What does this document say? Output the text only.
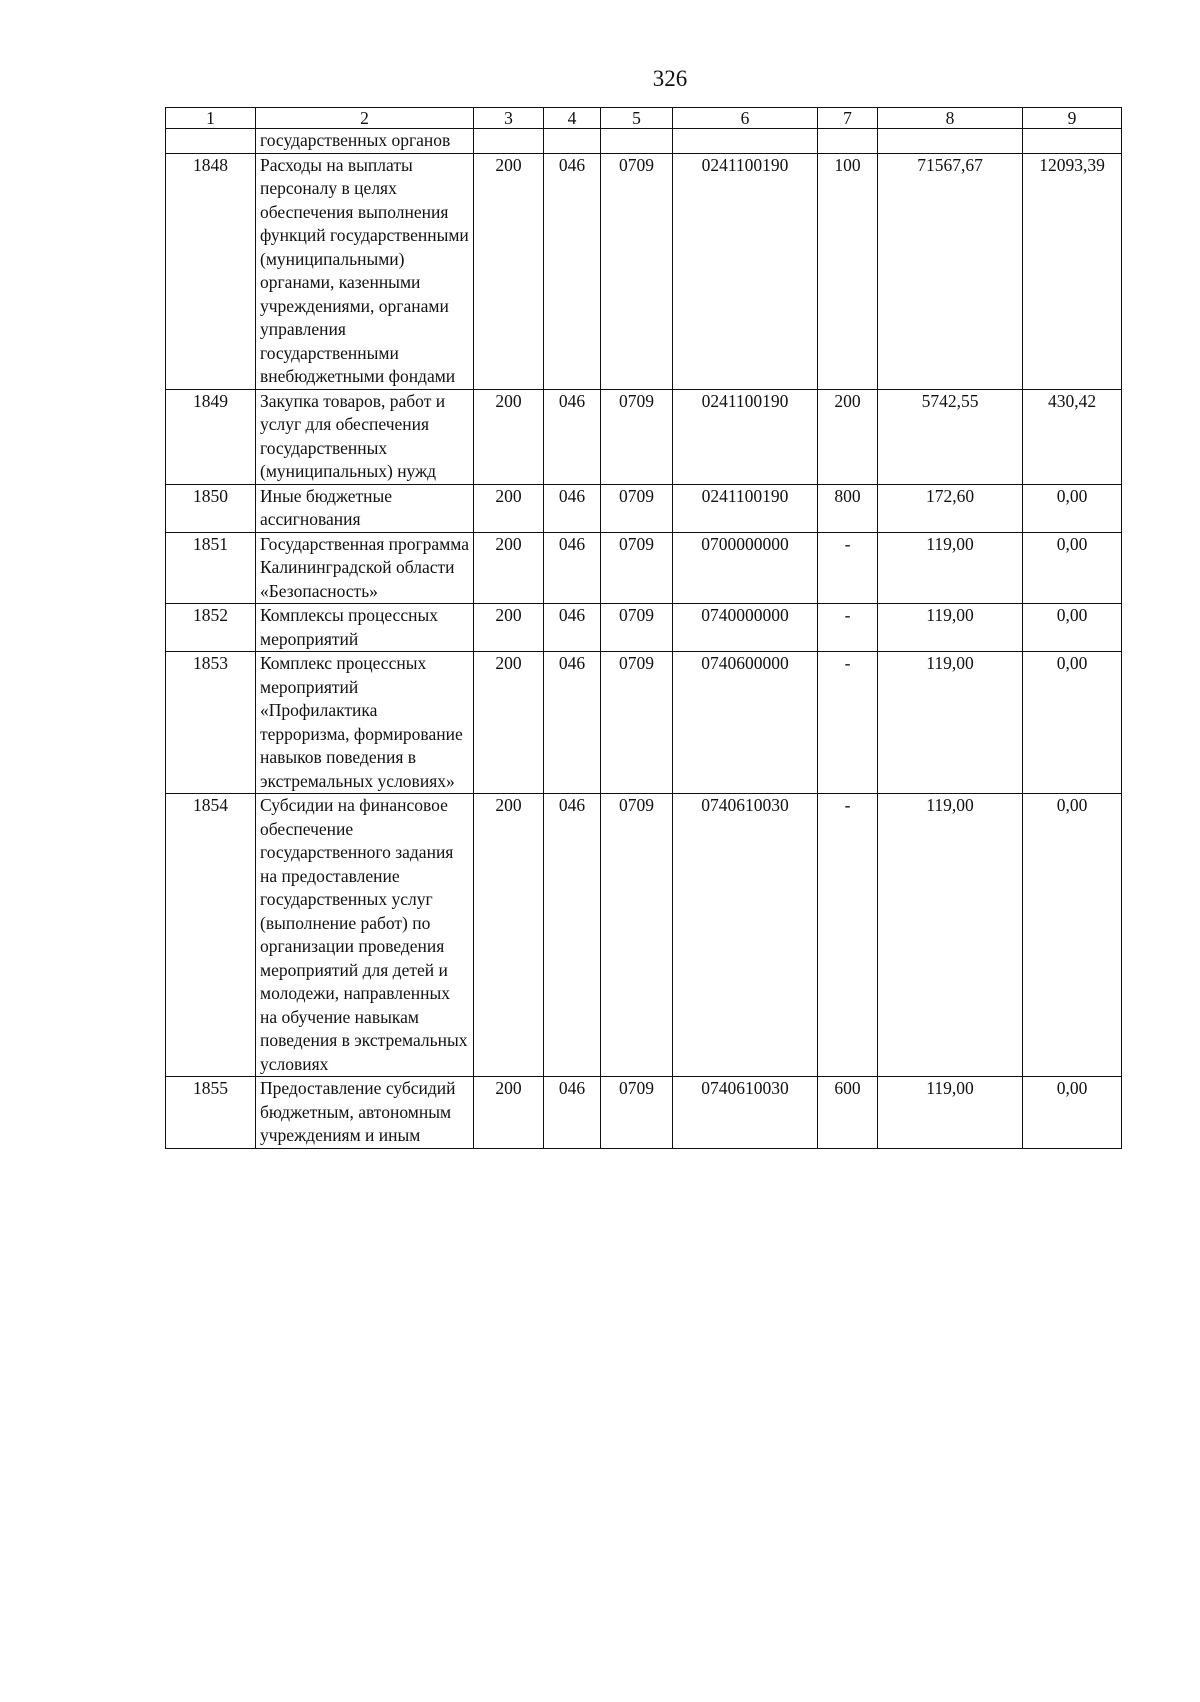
326
1	2	3	4	5	6	7	8	9
	государственных органов							
1848	Расходы на выплаты персоналу в целях обеспечения выполнения функций государственными (муниципальными) органами, казенными учреждениями, органами управления государственными внебюджетными фондами	200	046	0709	0241100190	100	71567,67	12093,39
1849	Закупка товаров, работ и услуг для обеспечения государственных (муниципальных) нужд	200	046	0709	0241100190	200	5742,55	430,42
1850	Иные бюджетные ассигнования	200	046	0709	0241100190	800	172,60	0,00
1851	Государственная программа Калининградской области «Безопасность»	200	046	0709	0700000000	-	119,00	0,00
1852	Комплексы процессных мероприятий	200	046	0709	0740000000	-	119,00	0,00
1853	Комплекс процессных мероприятий «Профилактика терроризма, формирование навыков поведения в экстремальных условиях»	200	046	0709	0740600000	-	119,00	0,00
1854	Субсидии на финансовое обеспечение государственного задания на предоставление государственных услуг (выполнение работ) по организации проведения мероприятий для детей и молодежи, направленных на обучение навыкам поведения в экстремальных условиях	200	046	0709	0740610030	-	119,00	0,00
1855	Предоставление субсидий бюджетным, автономным учреждениям и иным	200	046	0709	0740610030	600	119,00	0,00
